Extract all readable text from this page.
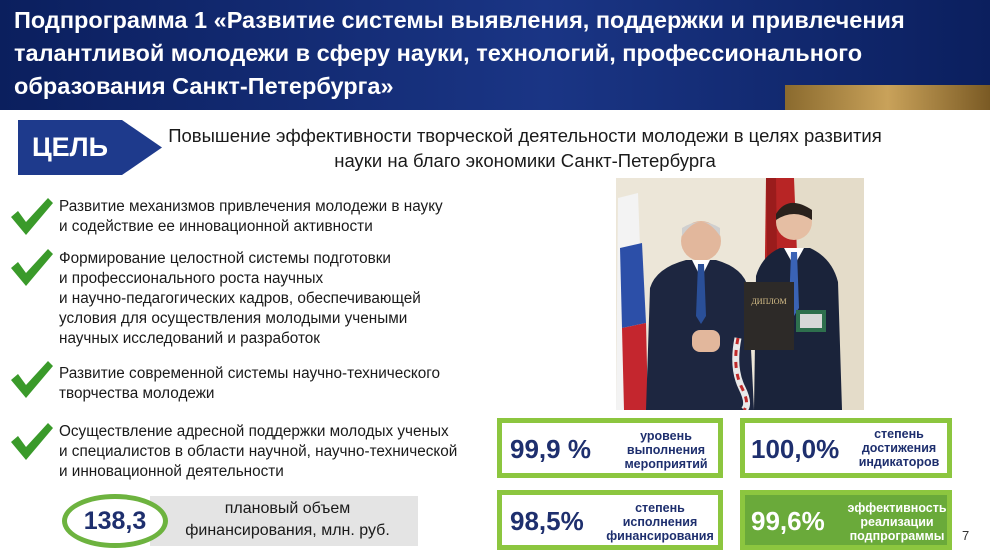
Подпрограмма 1 «Развитие системы выявления, поддержки и привлечения талантливой молодежи в сферу науки, технологий, профессионального образования Санкт-Петербурга»
ЦЕЛЬ	Повышение эффективности творческой деятельности молодежи в целях развития науки на благо экономики Санкт-Петербурга
Развитие механизмов привлечения молодежи в науку
и содействие ее инновационной активности
Формирование целостной системы подготовки
и профессионального роста научных
и научно-педагогических кадров, обеспечивающей
условия для осуществления молодыми учеными
научных исследований и разработок
Развитие современной системы научно-технического
творчества молодежи
Осуществление адресной поддержки молодых ученых
и специалистов в области научной, научно-технической
и инновационной деятельности
плановый объем финансирования, млн. руб.
138,3
ДИПЛОМ
99,9 %	уровень
выполнения
мероприятий	100,0%	степень
достижения
индикаторов
98,5%	степень
исполнения
финансирования	99,6%	эффективность
реализации
подпрограммы	7
